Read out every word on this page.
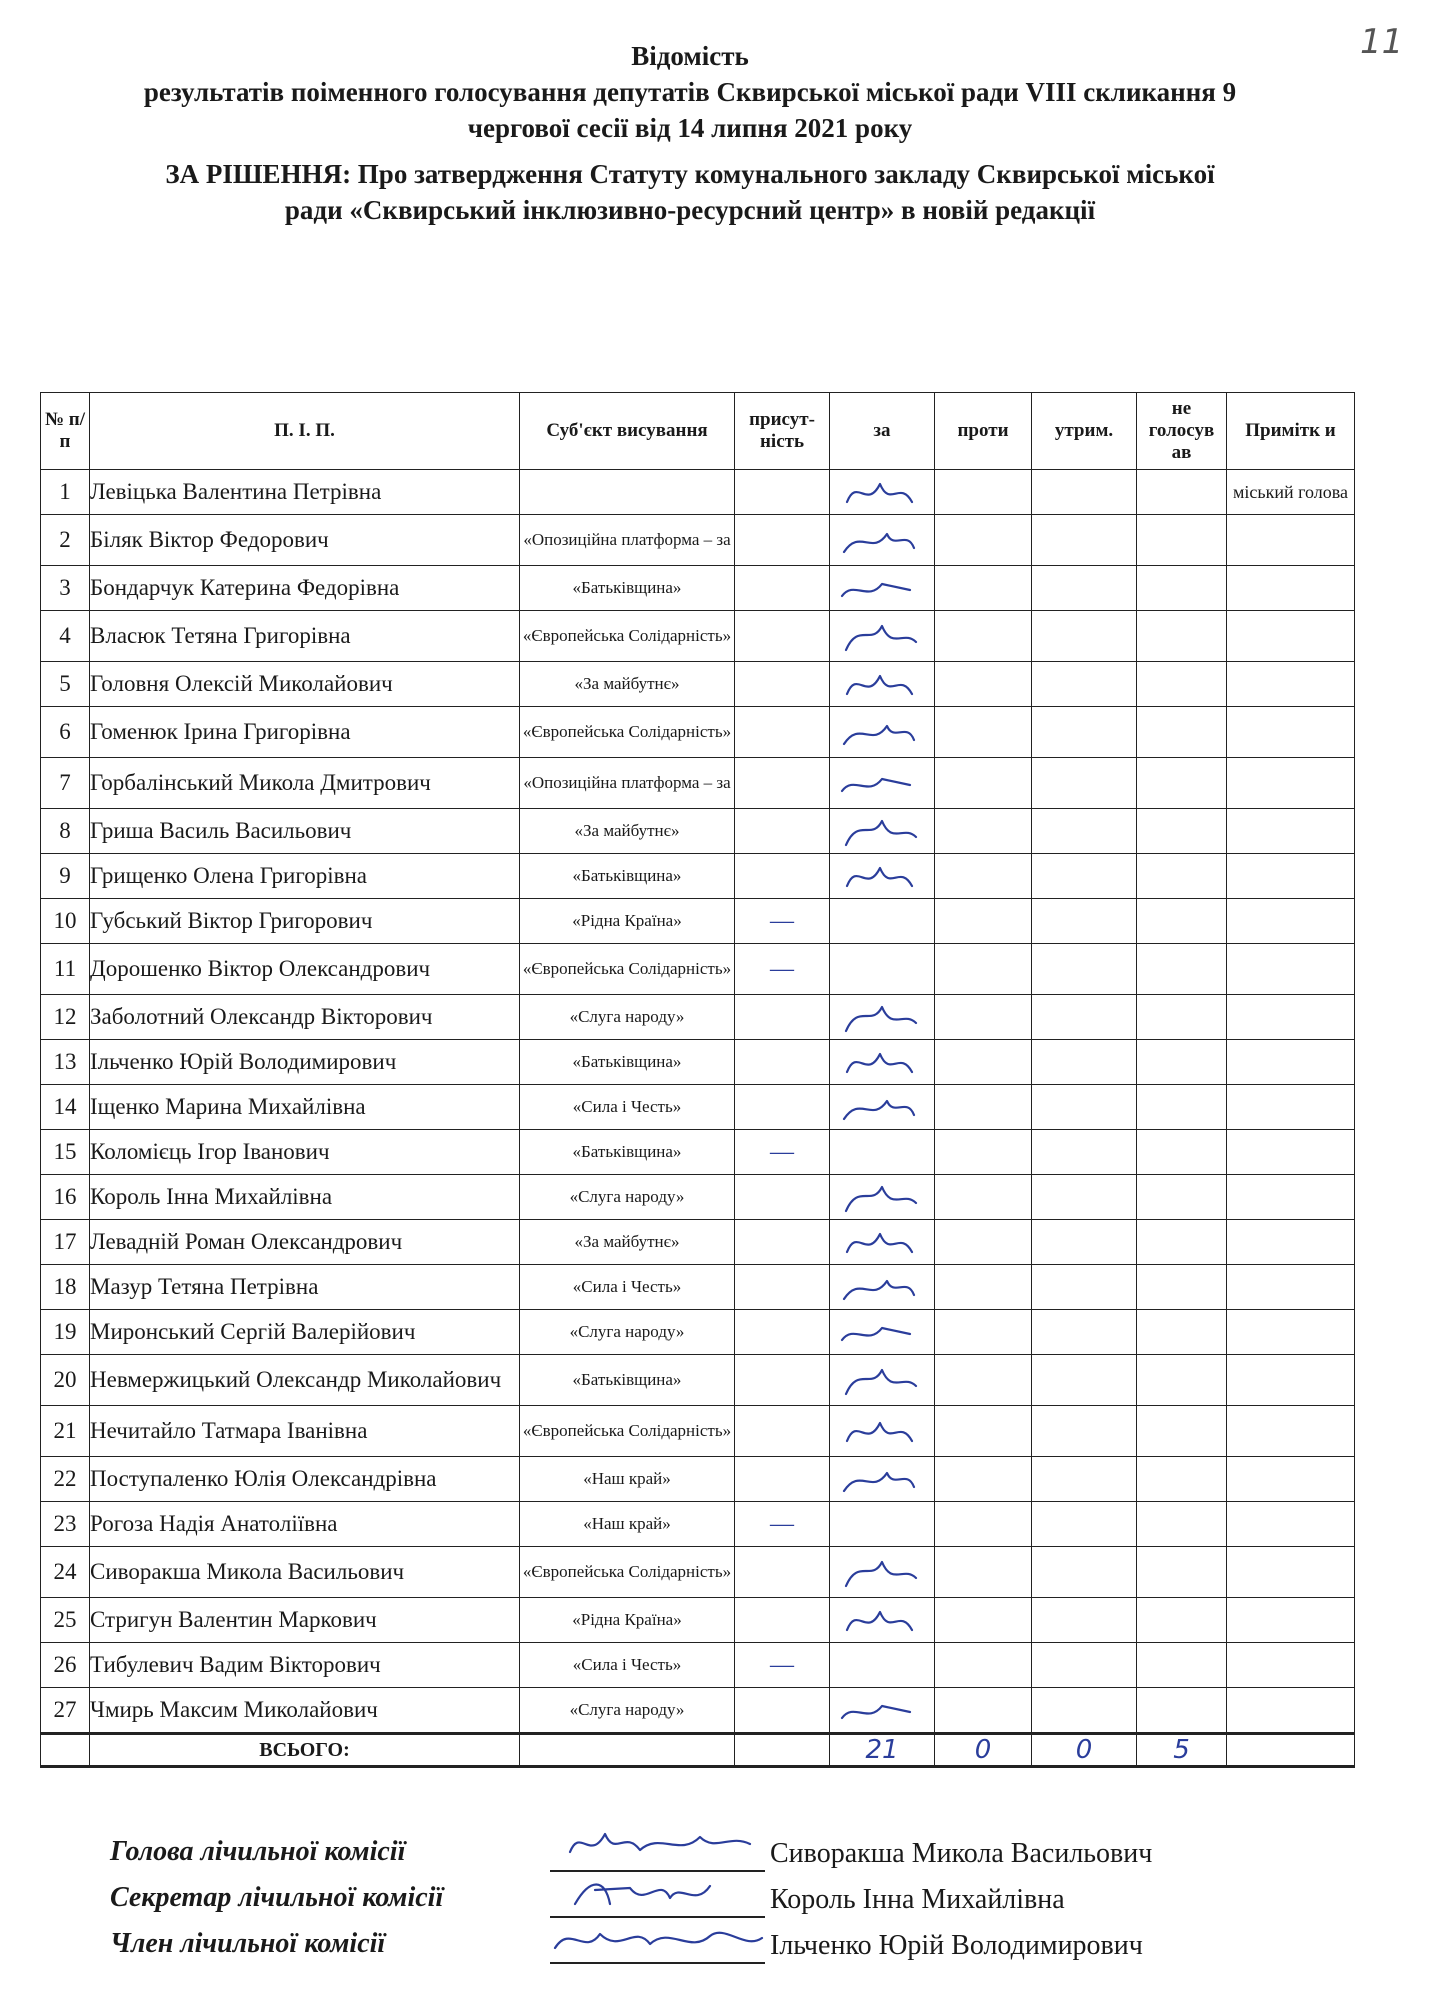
11
Відомість
результатів поіменного голосування депутатів Сквирської міської ради VIII скликання 9
чергової сесії від 14 липня 2021 року
ЗА РІШЕННЯ: Про затвердження Статуту комунального закладу Сквирської міської
ради «Сквирський інклюзивно-ресурсний центр» в новій редакції
№ п/п	П. І. П.	Суб'єкт висування	присут-ність	за	проти	утрим.	не голосув ав	Примітк и
1	Левіцька Валентина Петрівна							міський голова
2	Біляк Віктор Федорович	«Опозиційна платформа – за		

3	Бондарчук Катерина Федорівна	«Батьківщина»		

4	Власюк Тетяна Григорівна	«Європейська Солідарність»		

5	Головня Олексій Миколайович	«За майбутнє»		

6	Гоменюк Ірина Григорівна	«Європейська Солідарність»		

7	Горбалінський Микола Дмитрович	«Опозиційна платформа – за		

8	Гриша Василь Васильович	«За майбутнє»		

9	Грищенко Олена Григорівна	«Батьківщина»		

10	Губський Віктор Григорович	«Рідна Країна»	—					
11	Дорошенко Віктор Олександрович	«Європейська Солідарність»	—					
12	Заболотний Олександр Вікторович	«Слуга народу»		

13	Ільченко Юрій Володимирович	«Батьківщина»		

14	Іщенко Марина Михайлівна	«Сила і Честь»		

15	Коломієць Ігор Іванович	«Батьківщина»	—					
16	Король Інна Михайлівна	«Слуга народу»		

17	Левадній Роман Олександрович	«За майбутнє»		

18	Мазур Тетяна Петрівна	«Сила і Честь»		

19	Миронський Сергій Валерійович	«Слуга народу»		

20	Невмержицький Олександр Миколайович	«Батьківщина»		

21	Нечитайло Татмара Іванівна	«Європейська Солідарність»		

22	Поступаленко Юлія Олександрівна	«Наш край»		

23	Рогоза Надія Анатоліївна	«Наш край»	—					
24	Сиворакша Микола Васильович	«Європейська Солідарність»		

25	Стригун Валентин Маркович	«Рідна Країна»		

26	Тибулевич Вадим Вікторович	«Сила і Честь»	—					
27	Чмирь Максим Миколайович	«Слуга народу»		

	ВСЬОГО:			21	0	0	5	
Голова лічильної комісії	Сиворакша Микола Васильович
Секретар лічильної комісії	Король Інна Михайлівна
Член лічильної комісії	Ільченко Юрій Володимирович
